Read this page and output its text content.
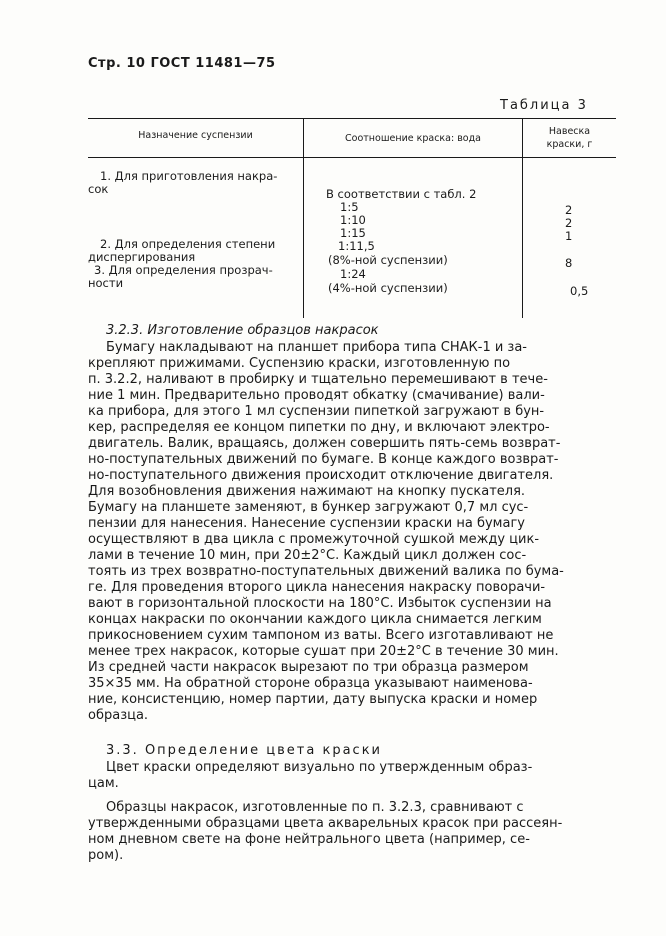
Стр. 10 ГОСТ 11481—75
Таблица 3
Назначение суспензии	Соотношение краска: вода
Навеска
краски, г
1. Для приготовления накра-
сок
2. Для определения степени
диспергирования
3. Для определения прозрач-
ности
В соответствии с табл. 2
1:5
1:10
1:15
1:11,5
(8%-ной суспензии)
1:24
(4%-ной суспензии)
2
2
1
8
0,5
3.2.3. Изготовление образцов накрасок
Бумагу накладывают на планшет прибора типа СНАК-1 и за-
крепляют прижимами. Суспензию краски, изготовленную по
п. 3.2.2, наливают в пробирку и тщательно перемешивают в тече-
ние 1 мин. Предварительно проводят обкатку (смачивание) вали-
ка прибора, для этого 1 мл суспензии пипеткой загружают в бун-
кер, распределяя ее концом пипетки по дну, и включают электро-
двигатель. Валик, вращаясь, должен совершить пять-семь возврат-
но-поступательных движений по бумаге. В конце каждого возврат-
но-поступательного движения происходит отключение двигателя.
Для возобновления движения нажимают на кнопку пускателя.
Бумагу на планшете заменяют, в бункер загружают 0,7 мл сус-
пензии для нанесения. Нанесение суспензии краски на бумагу
осуществляют в два цикла с промежуточной сушкой между цик-
лами в течение 10 мин, при 20±2°С. Каждый цикл должен сос-
тоять из трех возвратно-поступательных движений валика по бума-
ге. Для проведения второго цикла нанесения накраску поворачи-
вают в горизонтальной плоскости на 180°С. Избыток суспензии на
концах накраски по окончании каждого цикла снимается легким
прикосновением сухим тампоном из ваты. Всего изготавливают не
менее трех накрасок, которые сушат при 20±2°С в течение 30 мин.
Из средней части накрасок вырезают по три образца размером
35×35 мм. На обратной стороне образца указывают наименова-
ние, консистенцию, номер партии, дату выпуска краски и номер
образца.
3.3. Определение цвета краски
Цвет краски определяют визуально по утвержденным образ-
цам.
Образцы накрасок, изготовленные по п. 3.2.3, сравнивают с
утвержденными образцами цвета акварельных красок при рассеян-
ном дневном свете на фоне нейтрального цвета (например, се-
ром).
